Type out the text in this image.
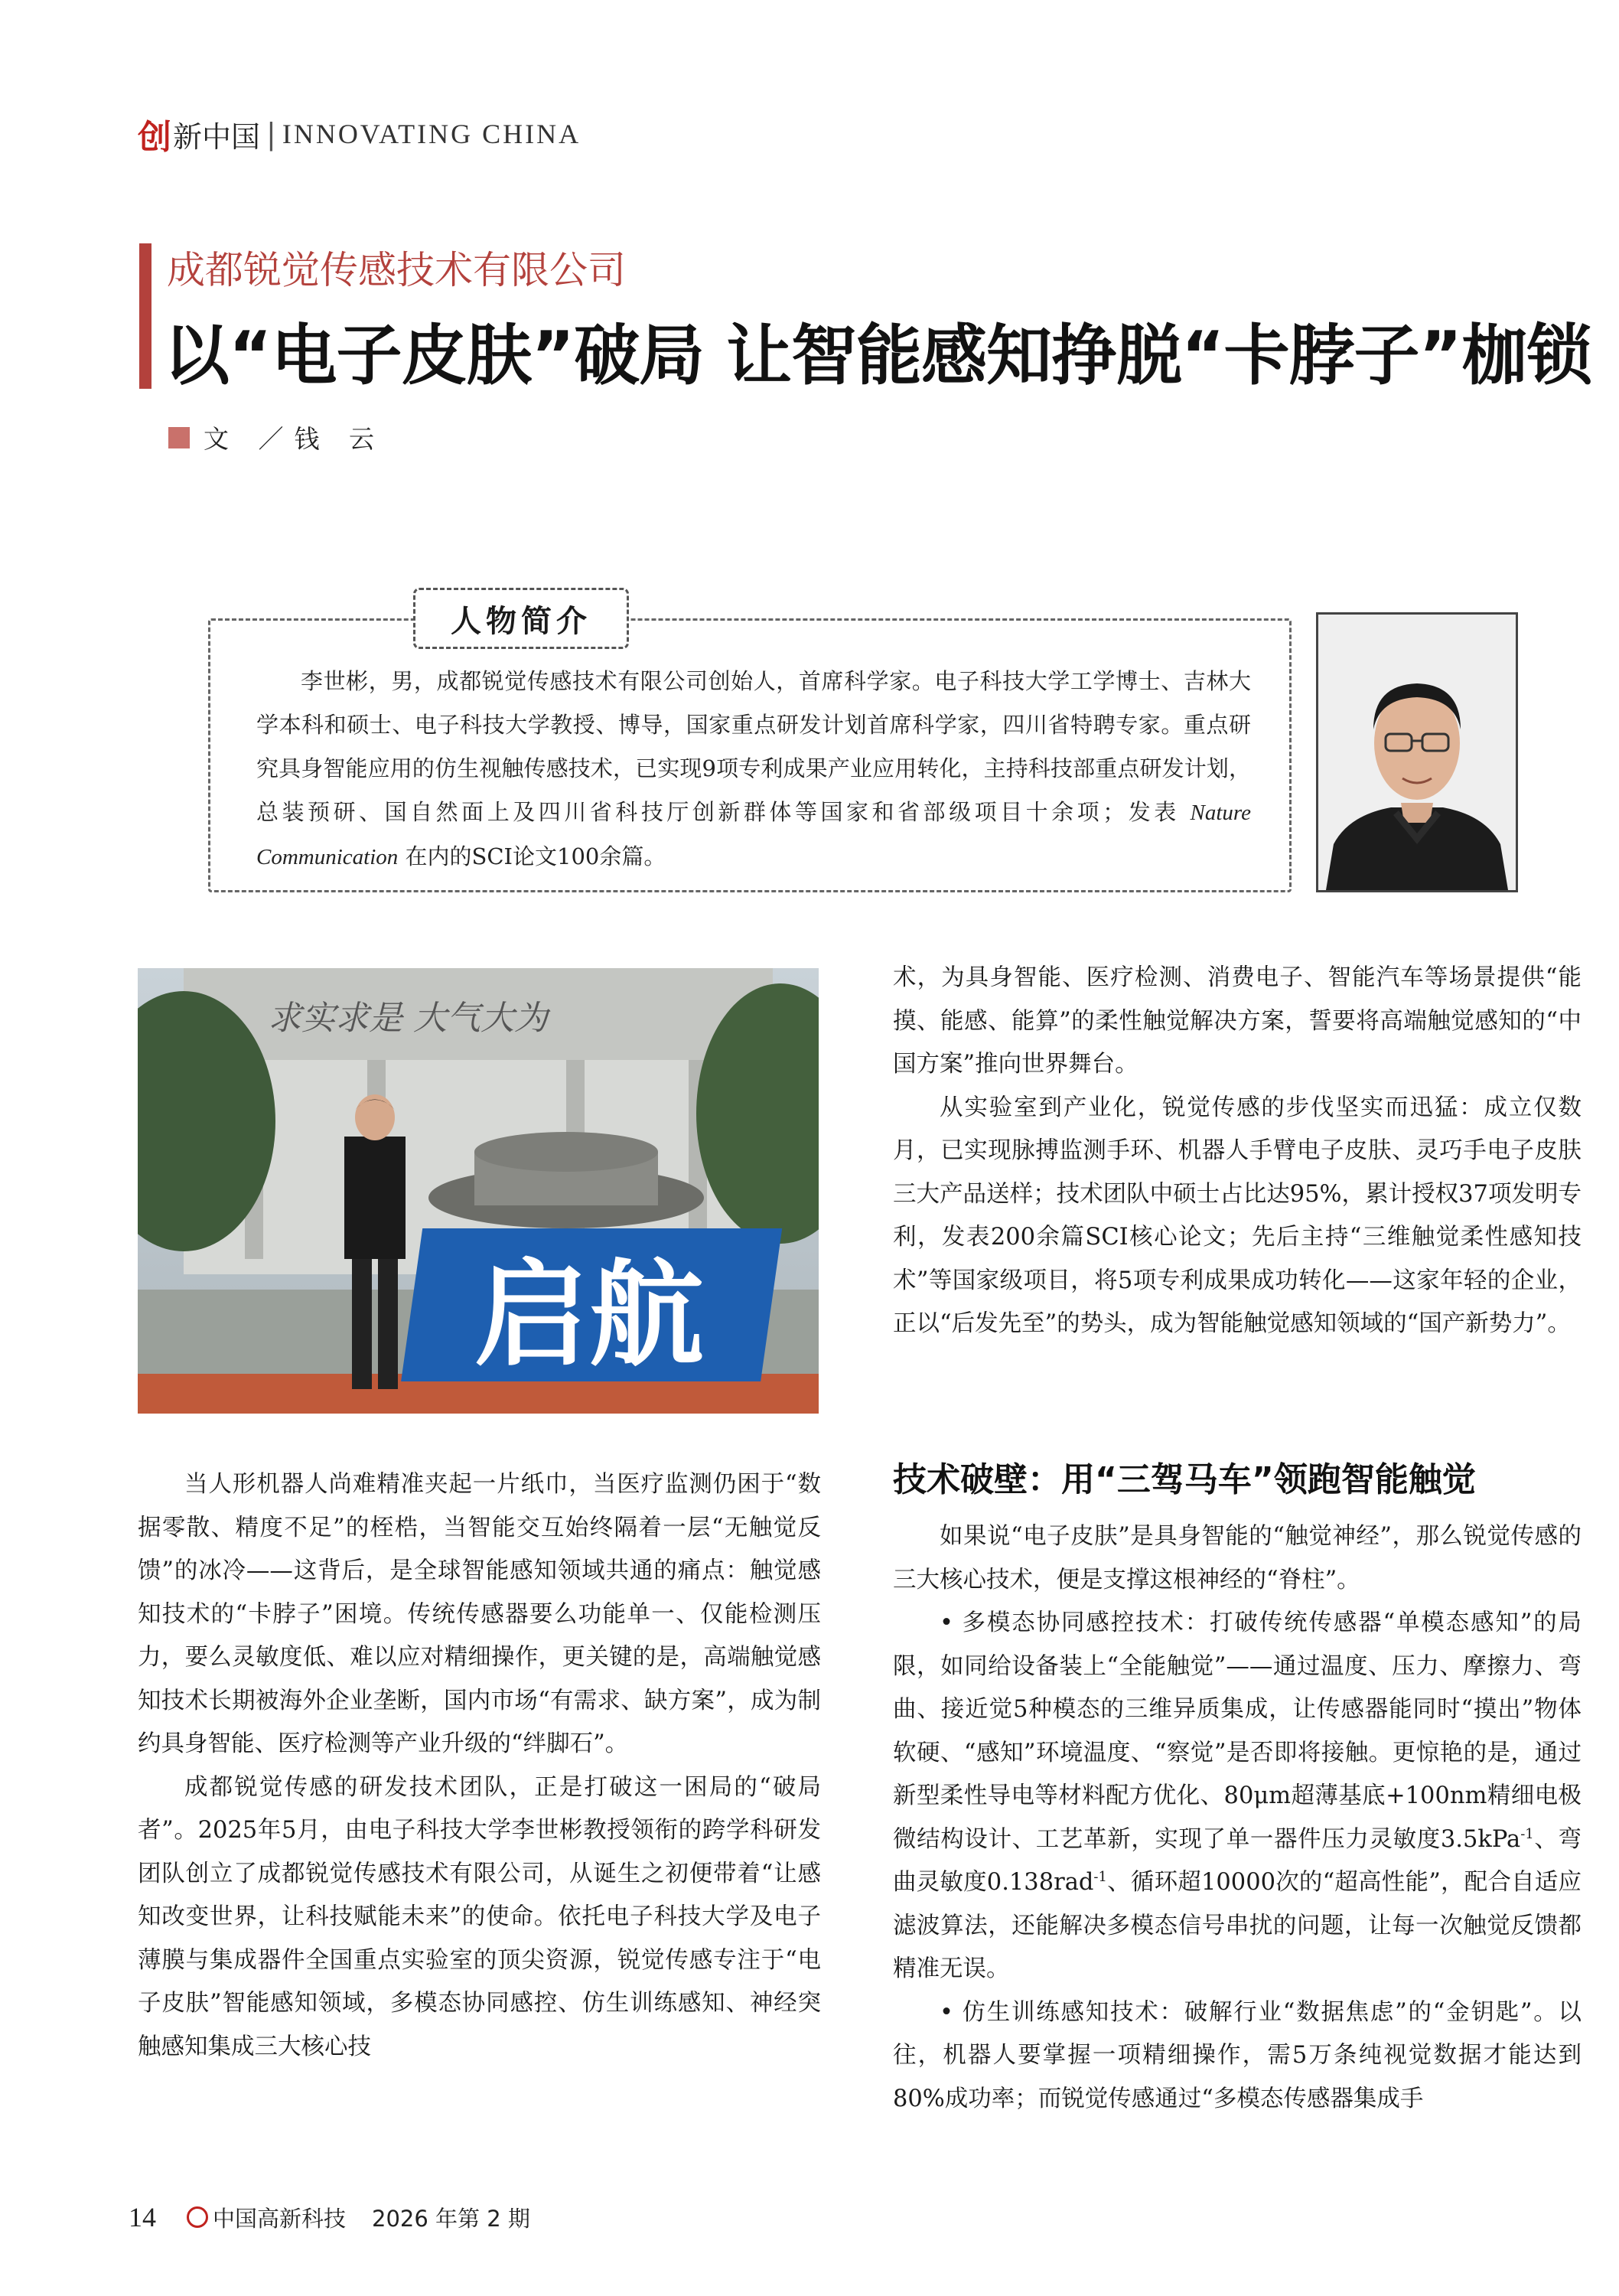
创 新中国 | INNOVATING CHINA
成都锐觉传感技术有限公司
以“电子皮肤”破局 让智能感知挣脱“卡脖子”枷锁
文 ／钱 云
人物简介
李世彬，男，成都锐觉传感技术有限公司创始人，首席科学家。电子科技大学工学博士、吉林大学本科和硕士、电子科技大学教授、博导，国家重点研发计划首席科学家，四川省特聘专家。重点研究具身智能应用的仿生视触传感技术，已实现9项专利成果产业应用转化，主持科技部重点研发计划，总装预研、国自然面上及四川省科技厅创新群体等国家和省部级项目十余项；发表 Nature Communication 在内的SCI论文100余篇。
求实求是 大气大为
启航

术，为具身智能、医疗检测、消费电子、智能汽车等场景提供“能摸、能感、能算”的柔性触觉解决方案，誓要将高端触觉感知的“中国方案”推向世界舞台。

从实验室到产业化，锐觉传感的步伐坚实而迅猛：成立仅数月，已实现脉搏监测手环、机器人手臂电子皮肤、灵巧手电子皮肤三大产品送样；技术团队中硕士占比达95%，累计授权37项发明专利，发表200余篇SCI核心论文；先后主持“三维触觉柔性感知技术”等国家级项目，将5项专利成果成功转化——这家年轻的企业，正以“后发先至”的势头，成为智能触觉感知领域的“国产新势力”。

技术破壁：用“三驾马车”领跑智能触觉

当人形机器人尚难精准夹起一片纸巾，当医疗监测仍困于“数据零散、精度不足”的桎梏，当智能交互始终隔着一层“无触觉反馈”的冰冷——这背后，是全球智能感知领域共通的痛点：触觉感知技术的“卡脖子”困境。传统传感器要么功能单一、仅能检测压力，要么灵敏度低、难以应对精细操作，更关键的是，高端触觉感知技术长期被海外企业垄断，国内市场“有需求、缺方案”，成为制约具身智能、医疗检测等产业升级的“绊脚石”。

成都锐觉传感的研发技术团队，正是打破这一困局的“破局者”。2025年5月，由电子科技大学李世彬教授领衔的跨学科研发团队创立了成都锐觉传感技术有限公司，从诞生之初便带着“让感知改变世界，让科技赋能未来”的使命。依托电子科技大学及电子薄膜与集成器件全国重点实验室的顶尖资源，锐觉传感专注于“电子皮肤”智能感知领域，多模态协同感控、仿生训练感知、神经突触感知集成三大核心技

如果说“电子皮肤”是具身智能的“触觉神经”，那么锐觉传感的三大核心技术，便是支撑这根神经的“脊柱”。

• 多模态协同感控技术：打破传统传感器“单模态感知”的局限，如同给设备装上“全能触觉”——通过温度、压力、摩擦力、弯曲、接近觉5种模态的三维异质集成，让传感器能同时“摸出”物体软硬、“感知”环境温度、“察觉”是否即将接触。更惊艳的是，通过新型柔性导电等材料配方优化、80μm超薄基底+100nm精细电极微结构设计、工艺革新，实现了单一器件压力灵敏度3.5kPa$^{-1}$、弯曲灵敏度0.138rad$^{-1}$、循环超10000次的“超高性能”，配合自适应滤波算法，还能解决多模态信号串扰的问题，让每一次触觉反馈都精准无误。

• 仿生训练感知技术：破解行业“数据焦虑”的“金钥匙”。以往，机器人要掌握一项精细操作，需5万条纯视觉数据才能达到80%成功率；而锐觉传感通过“多模态传感器集成手

14	中国高新科技 2026 年第 2 期
